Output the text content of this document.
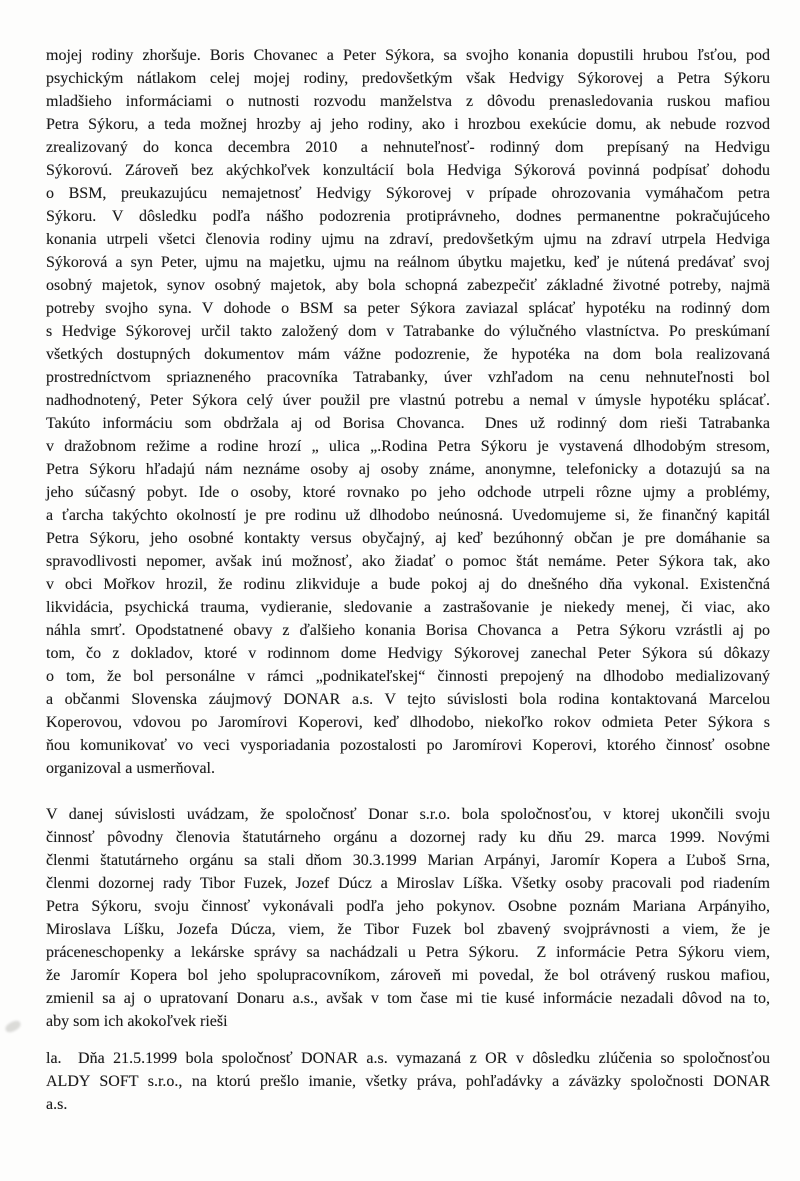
mojej rodiny zhoršuje. Boris Chovanec a Peter Sýkora, sa svojho konania dopustili hrubou ľsťou, pod
psychickým nátlakom celej mojej rodiny, predovšetkým však Hedvigy Sýkorovej a Petra Sýkoru
mladšieho informáciami o nutnosti rozvodu manželstva z dôvodu prenasledovania ruskou mafiou
Petra Sýkoru, a teda možnej hrozby aj jeho rodiny, ako i hrozbou exekúcie domu, ak nebude rozvod
zrealizovaný do konca decembra 2010  a nehnuteľnosť- rodinný dom  prepísaný na Hedvigu
Sýkorovú. Zároveň bez akýchkoľvek konzultácií bola Hedviga Sýkorová povinná podpísať dohodu
o BSM, preukazujúcu nemajetnosť Hedvigy Sýkorovej v prípade ohrozovania vymáhačom petra
Sýkoru. V dôsledku podľa nášho podozrenia protiprávneho, dodnes permanentne pokračujúceho
konania utrpeli všetci členovia rodiny ujmu na zdraví, predovšetkým ujmu na zdraví utrpela Hedviga
Sýkorová a syn Peter, ujmu na majetku, ujmu na reálnom úbytku majetku, keď je nútená predávať svoj
osobný majetok, synov osobný majetok, aby bola schopná zabezpečiť základné životné potreby, najmä
potreby svojho syna. V dohode o BSM sa peter Sýkora zaviazal splácať hypotéku na rodinný dom
s Hedvige Sýkorovej určil takto založený dom v Tatrabanke do výlučného vlastníctva. Po preskúmaní
všetkých dostupných dokumentov mám vážne podozrenie, že hypotéka na dom bola realizovaná
prostredníctvom spriazneného pracovníka Tatrabanky, úver vzhľadom na cenu nehnuteľnosti bol
nadhodnotený, Peter Sýkora celý úver použil pre vlastnú potrebu a nemal v úmysle hypotéku splácať.
Takúto informáciu som obdržala aj od Borisa Chovanca.  Dnes už rodinný dom rieši Tatrabanka
v dražobnom režime a rodine hrozí „ ulica „.Rodina Petra Sýkoru je vystavená dlhodobým stresom,
Petra Sýkoru hľadajú nám neznáme osoby aj osoby známe, anonymne, telefonicky a dotazujú sa na
jeho súčasný pobyt. Ide o osoby, ktoré rovnako po jeho odchode utrpeli rôzne ujmy a problémy,
a ťarcha takýchto okolností je pre rodinu už dlhodobo neúnosná. Uvedomujeme si, že finančný kapitál
Petra Sýkoru, jeho osobné kontakty versus obyčajný, aj keď bezúhonný občan je pre domáhanie sa
spravodlivosti nepomer, avšak inú možnosť, ako žiadať o pomoc štát nemáme. Peter Sýkora tak, ako
v obci Mořkov hrozil, že rodinu zlikviduje a bude pokoj aj do dnešného dňa vykonal. Existenčná
likvidácia, psychická trauma, vydieranie, sledovanie a zastrašovanie je niekedy menej, či viac, ako
náhla smrť. Opodstatnené obavy z ďalšieho konania Borisa Chovanca a  Petra Sýkoru vzrástli aj po
tom, čo z dokladov, ktoré v rodinnom dome Hedvigy Sýkorovej zanechal Peter Sýkora sú dôkazy
o tom, že bol personálne v rámci „podnikateľskej“ činnosti prepojený na dlhodobo medializovaný
a občanmi Slovenska záujmový DONAR a.s. V tejto súvislosti bola rodina kontaktovaná Marcelou
Koperovou, vdovou po Jaromírovi Koperovi, keď dlhodobo, niekoľko rokov odmieta Peter Sýkora s
ňou komunikovať vo veci vysporiadania pozostalosti po Jaromírovi Koperovi, ktorého činnosť osobne
organizoval a usmerňoval.
V danej súvislosti uvádzam, že spoločnosť Donar s.r.o. bola spoločnosťou, v ktorej ukončili svoju
činnosť pôvodny členovia štatutárneho orgánu a dozornej rady ku dňu 29. marca 1999. Novými
členmi štatutárneho orgánu sa stali dňom 30.3.1999 Marian Arpányi, Jaromír Kopera a Ľuboš Srna,
členmi dozornej rady Tibor Fuzek, Jozef Dúcz a Miroslav Líška. Všetky osoby pracovali pod riadením
Petra Sýkoru, svoju činnosť vykonávali podľa jeho pokynov. Osobne poznám Mariana Arpányiho,
Miroslava Líšku, Jozefa Dúcza, viem, že Tibor Fuzek bol zbavený svojprávnosti a viem, že je
práceneschopenky a lekárske správy sa nachádzali u Petra Sýkoru.  Z informácie Petra Sýkoru viem,
že Jaromír Kopera bol jeho spolupracovníkom, zároveň mi povedal, že bol otrávený ruskou mafiou,
zmienil sa aj o upratovaní Donaru a.s., avšak v tom čase mi tie kusé informácie nezadali dôvod na to,
aby som ich akokoľvek rieši
la.  Dňa 21.5.1999 bola spoločnosť DONAR a.s. vymazaná z OR v dôsledku zlúčenia so spoločnosťou
ALDY SOFT s.r.o., na ktorú prešlo imanie, všetky práva, pohľadávky a záväzky spoločnosti DONAR
a.s.
